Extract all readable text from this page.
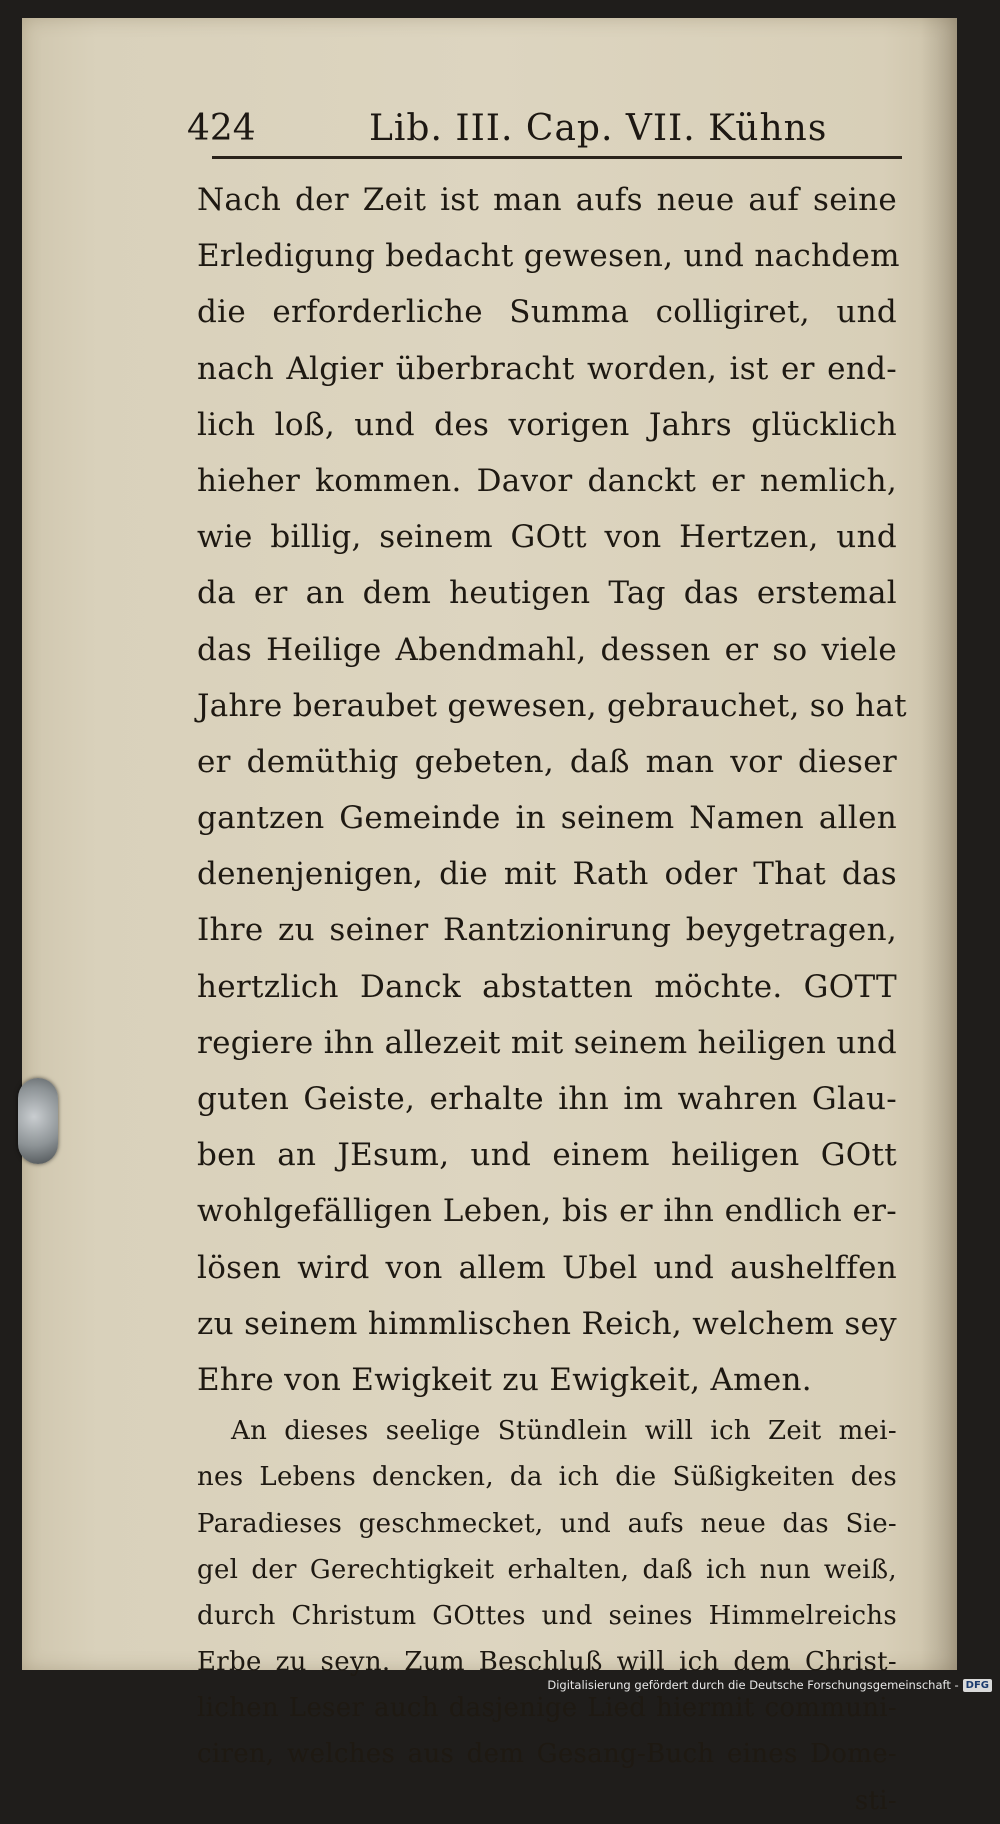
424	Lib. III. Cap. VII. Kühns
Nach der Zeit ist man aufs neue auf seine
Erledigung bedacht gewesen, und nachdem
die erforderliche Summa colligiret, und
nach Algier überbracht worden, ist er end-
lich loß, und des vorigen Jahrs glücklich
hieher kommen. Davor danckt er nemlich,
wie billig, seinem GOtt von Hertzen, und
da er an dem heutigen Tag das erstemal
das Heilige Abendmahl, dessen er so viele
Jahre beraubet gewesen, gebrauchet, so hat
er demüthig gebeten, daß man vor dieser
gantzen Gemeinde in seinem Namen allen
denenjenigen, die mit Rath oder That das
Ihre zu seiner Rantzionirung beygetragen,
hertzlich Danck abstatten möchte. GOTT
regiere ihn allezeit mit seinem heiligen und
guten Geiste, erhalte ihn im wahren Glau-
ben an JEsum, und einem heiligen GOtt
wohlgefälligen Leben, bis er ihn endlich er-
lösen wird von allem Ubel und aushelffen
zu seinem himmlischen Reich, welchem sey
Ehre von Ewigkeit zu Ewigkeit, Amen.
An dieses seelige Stündlein will ich Zeit mei-
nes Lebens dencken, da ich die Süßigkeiten des
Paradieses geschmecket, und aufs neue das Sie-
gel der Gerechtigkeit erhalten, daß ich nun weiß,
durch Christum GOttes und seines Himmelreichs
Erbe zu seyn. Zum Beschluß will ich dem Christ-
lichen Leser auch dasjenige Lied hiermit communi-
ciren, welches aus dem Gesang-Buch eines Dome-
sti-
Digitalisierung gefördert durch die Deutsche Forschungsgemeinschaft - DFG
